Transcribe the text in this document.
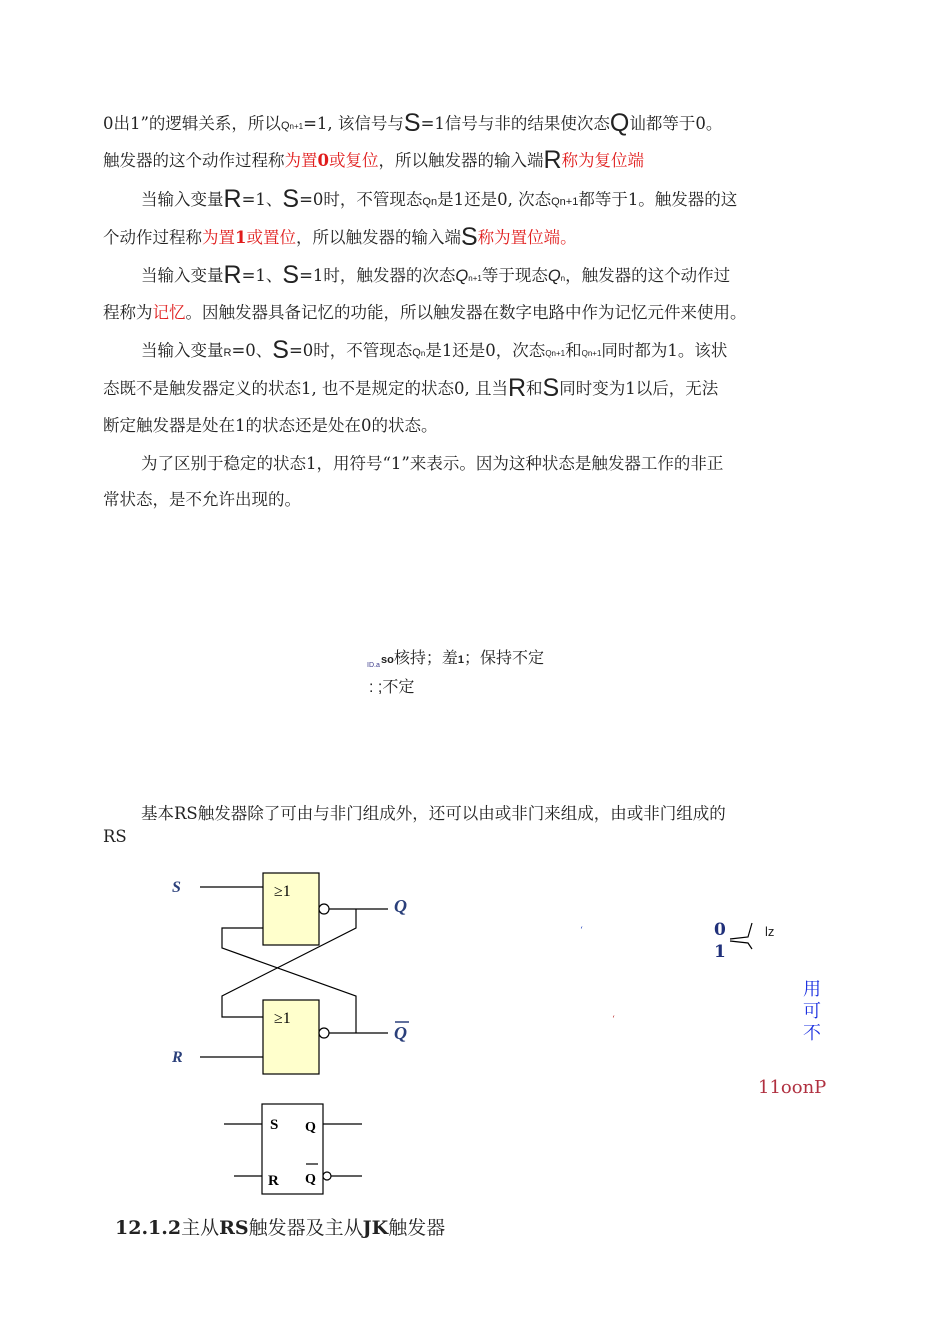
0出1”的逻辑关系，所以Qn+1=1, 该信号与S=1信号与非的结果使次态Q讪都等于0。
触发器的这个动作过程称为置0或复位，所以触发器的输入端R称为复位端
当输入变量R=1、S=0时，不管现态Qn是1还是0, 次态Qn+1都等于1。触发器的这
个动作过程称为置1或置位，所以触发器的输入端S称为置位端。
当输入变量R=1、S=1时，触发器的次态Qn+1等于现态Qn，触发器的这个动作过
程称为记忆。因触发器具备记忆的功能，所以触发器在数字电路中作为记忆元件来使用。
当输入变量R=0、S=0时，不管现态Qn是1还是0，次态Qn+1和Qn+1同时都为1。该状
态既不是触发器定义的状态1, 也不是规定的状态0, 且当R和S同时变为1以后，无法
断定触发器是处在1的状态还是处在0的状态。
为了区别于稳定的状态1，用符号“1”来表示。因为这种状态是触发器工作的非正
常状态，是不允许出现的。
so核持；羞1；保持不定
ID.a
: ;不定
基本RS触发器除了可由与非门组成外，还可以由或非门来组成，由或非门组成的
RS
≥1
≥1
S
R
Q
Q
S Q
R Q
‘
‘
0
1
lz
用
可
不
11oonP
12.1.2主从RS触发器及主从JK触发器
